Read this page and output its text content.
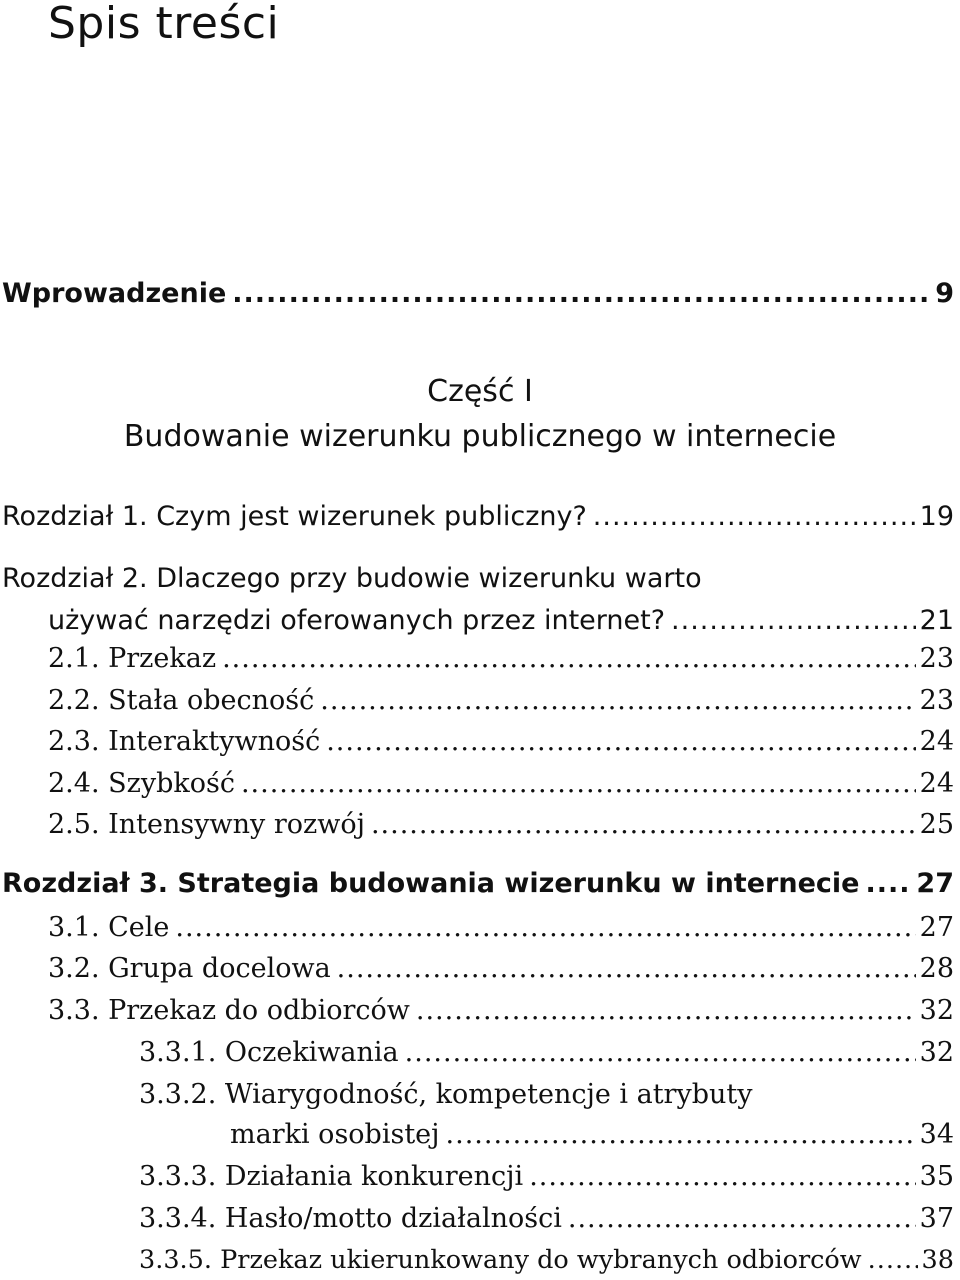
Spis treści
Wprowadzenie .....	9
Część I
Budowanie wizerunku publicznego w internecie
Rozdział 1. Czym jest wizerunek publiczny? .....	19
Rozdział 2. Dlaczego przy budowie wizerunku warto
używać narzędzi oferowanych przez internet? .....	21
2.1. Przekaz .....	23
2.2. Stała obecność .....	23
2.3. Interaktywność .....	24
2.4. Szybkość .....	24
2.5. Intensywny rozwój .....	25
Rozdział 3. Strategia budowania wizerunku w internecie ..... 27
3.1. Cele .....	27
3.2. Grupa docelowa .....	28
3.3. Przekaz do odbiorców .....	32
3.3.1. Oczekiwania .....	32
3.3.2. Wiarygodność, kompetencje i atrybuty
marki osobistej .....	34
3.3.3. Działania konkurencji .....	35
3.3.4. Hasło/motto działalności .....	37
3.3.5. Przekaz ukierunkowany do wybranych odbiorców ..... 38
